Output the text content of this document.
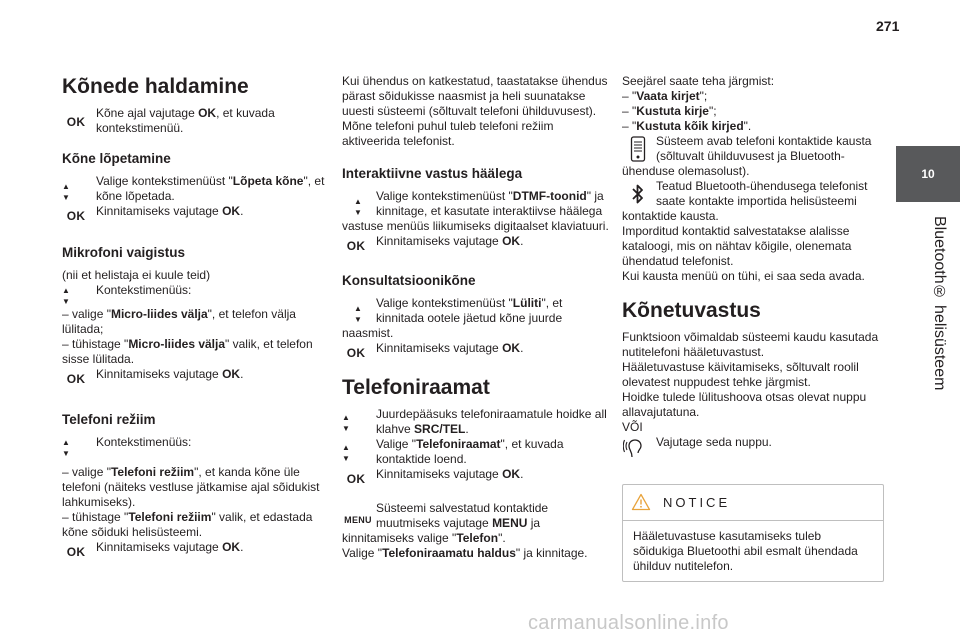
271
10
Bluetooth® helisüsteem
Kõnede haldamine
OK

Kõne ajal vajutage OK, et kuvada kontekstimenüü.

Kõne lõpetamine
▲
▼

Valige kontekstimenüüst "Lõpeta kõne", et kõne lõpetada.

OK Kinnitamiseks vajutage OK.

Mikrofoni vaigistus

(nii et helistaja ei kuule teid)

▲
▼

Kontekstimenüüs:

– valige "Micro-liides välja", et telefon välja lülitada;

– tühistage "Micro-liides välja" valik, et telefon sisse lülitada.

OK Kinnitamiseks vajutage OK.

Telefoni režiim
▲
▼

Kontekstimenüüs:

– valige "Telefoni režiim", et kanda kõne üle telefoni (näiteks vestluse jätkamise ajal sõidukist lahkumiseks).

– tühistage "Telefoni režiim" valik, et edastada kõne sõiduki helisüsteemi.

OK Kinnitamiseks vajutage OK.

Kui ühendus on katkestatud, taastatakse ühendus pärast sõidukisse naasmist ja heli suunatakse uuesti süsteemi (sõltuvalt telefoni ühilduvusest).

Mõne telefoni puhul tuleb telefoni režiim aktiveerida telefonist.

Interaktiivne vastus häälega
▲
▼

Valige kontekstimenüüst "DTMF-toonid" ja kinnitage, et kasutate interaktiivse häälega vastuse menüüs liikumiseks digitaalset klaviatuuri.

OK Kinnitamiseks vajutage OK.

Konsultatsioonikõne
▲
▼

Valige kontekstimenüüst "Lüliti", et kinnitada ootele jäetud kõne juurde naasmist.

OK Kinnitamiseks vajutage OK.

Telefoniraamat
▲
▼

Juurdepääsuks telefoniraamatule hoidke all klahve SRC/TEL.

▲
▼

Valige "Telefoniraamat", et kuvada kontaktide loend.

OK Kinnitamiseks vajutage OK.

MENU

Süsteemi salvestatud kontaktide muutmiseks vajutage MENU ja kinnitamiseks valige "Telefon".

Valige "Telefoniraamatu haldus" ja kinnitage.

Seejärel saate teha järgmist:

– "Vaata kirjet";

– "Kustuta kirje";

– "Kustuta kõik kirjed".

Süsteem avab telefoni kontaktide kausta (sõltuvalt ühilduvusest ja Bluetooth-ühenduse olemasolust).

Teatud Bluetooth-ühendusega telefonist saate kontakte importida helisüsteemi kontaktide kausta.

Imporditud kontaktid salvestatakse alalisse kataloogi, mis on nähtav kõigile, olenemata ühendatud telefonist.

Kui kausta menüü on tühi, ei saa seda avada.

Kõnetuvastus

Funktsioon võimaldab süsteemi kaudu kasutada nutitelefoni hääletuvastust.

Hääletuvastuse käivitamiseks, sõltuvalt roolil olevatest nuppudest tehke järgmist.

Hoidke tulede lülitushoova otsas olevat nuppu allavajutatuna.

VÕI

Vajutage seda nuppu.

NOTICE

Hääletuvastuse kasutamiseks tuleb sõidukiga Bluetoothi abil esmalt ühendada ühilduv nutitelefon.

carmanualsonline.info
